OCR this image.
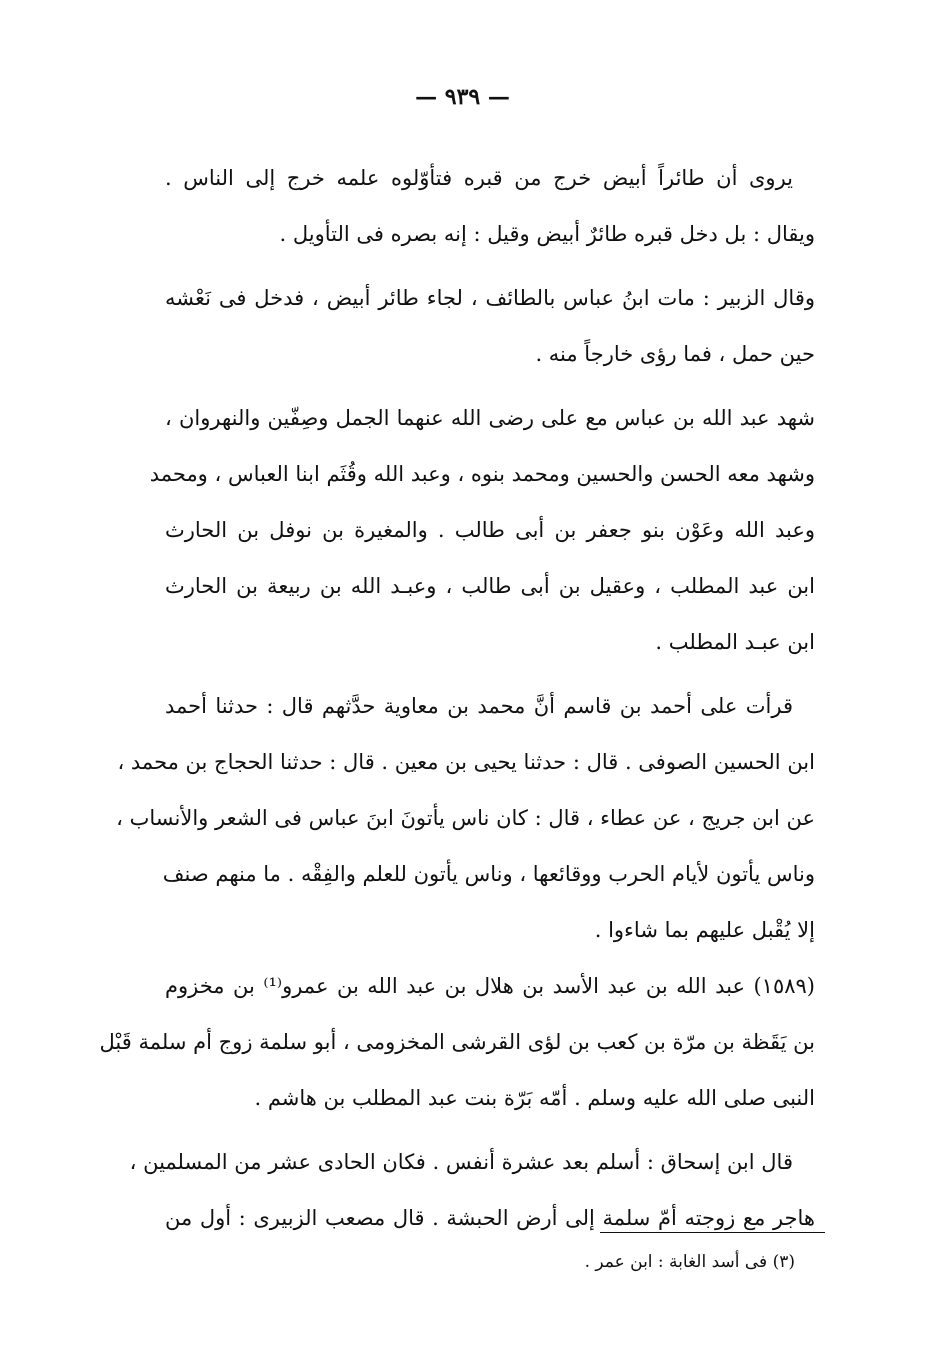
— ٩٣٩ —
يروى أن طائراً أبيض خرج من قبره فتأوّلوه علمه خرج إلى الناس .
ويقال : بل دخل قبره طائرٌ أبيض وقيل : إنه بصره فى التأويل .
وقال الزبير : مات ابنُ عباس بالطائف ، لجاء طائر أبيض ، فدخل فى نَعْشه
حين حمل ، فما رؤى خارجاً منه .
شهد عبد الله بن عباس مع على رضى الله عنهما الجمل وصِفّين والنهروان ،
وشهد معه الحسن والحسين ومحمد بنوه ، وعبد الله وقُثَم ابنا العباس ، ومحمد
وعبد الله وعَوْن بنو جعفر بن أبى طالب . والمغيرة بن نوفل بن الحارث
ابن عبد المطلب ، وعقيل بن أبى طالب ، وعبـد الله بن ربيعة بن الحارث
ابن عبـد المطلب .
قرأت على أحمد بن قاسم أنَّ محمد بن معاوية حدَّثهم قال : حدثنا أحمد
ابن الحسين الصوفى . قال : حدثنا يحيى بن معين . قال : حدثنا الحجاج بن محمد ،
عن ابن جريج ، عن عطاء ، قال : كان ناس يأتونَ ابنَ عباس فى الشعر والأنساب ،
وناس يأتون لأيام الحرب ووقائعها ، وناس يأتون للعلم والفِقْه . ما منهم صنف
إلا يُقْبل عليهم بما شاءوا .
(١٥٨٩) عبد الله بن عبد الأسد بن هلال بن عبد الله بن عمرو⁽¹⁾ بن مخزوم
بن يَقَظة بن مرّة بن كعب بن لؤى القرشى المخزومى ، أبو سلمة زوج أم سلمة قَبْل
النبى صلى الله عليه وسلم . أمّه بَرّة بنت عبد المطلب بن هاشم .
قال ابن إسحاق : أسلم بعد عشرة أنفس . فكان الحادى عشر من المسلمين ،
هاجر مع زوجته أمّ سلمة إلى أرض الحبشة . قال مصعب الزبيرى : أول من
(٣) فى أسد الغابة : ابن عمر .
